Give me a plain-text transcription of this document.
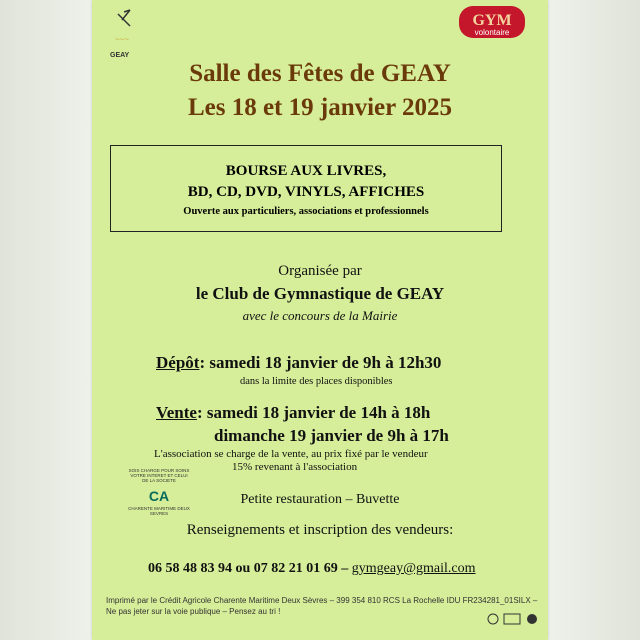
~~~
GEAY
GYM
volontaire
Salle des Fêtes de GEAY
Les 18 et 19 janvier 2025
BOURSE AUX LIVRES,
BD, CD, DVD, VINYLS, AFFICHES
Ouverte aux particuliers, associations et professionnels
Organisée par
le Club de Gymnastique de GEAY
avec le concours de la Mairie
Dépôt: samedi 18 janvier de 9h à 12h30
dans la limite des places disponibles
Vente: samedi 18 janvier de 14h à 18h
dimanche 19 janvier de 9h à 17h
L'association se charge de la vente, au prix fixé par le vendeur
15% revenant à l'association
SOIS CHARGE POUR SOINS VOTRE INTERET ET CELUI DE LA SOCIETE
CA
CHARENTE MARITIME DEUX SEVRES
Petite restauration – Buvette
Renseignements et inscription des vendeurs:
06 58 48 83 94 ou 07 82 21 01 69 – gymgeay@gmail.com
Imprimé par le Crédit Agricole Charente Maritime Deux Sèvres – 399 354 810 RCS La Rochelle IDU FR234281_01SILX –
Ne pas jeter sur la voie publique – Pensez au tri !
